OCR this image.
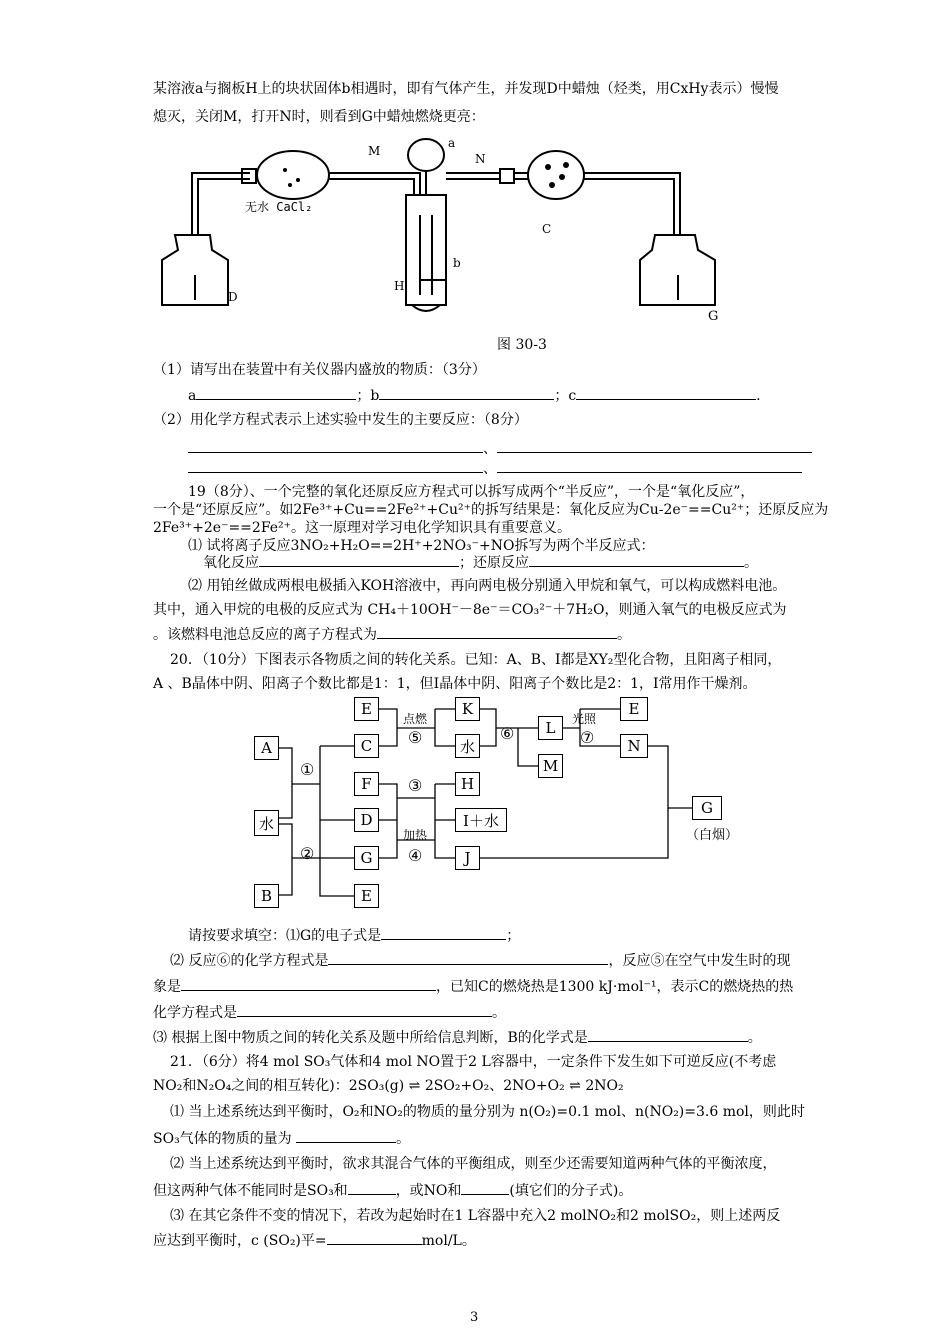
某溶液a与搁板H上的块状固体b相遇时，即有气体产生，并发现D中蜡烛（烃类，用CxHy表示）慢慢
熄灭，关闭M，打开N时，则看到G中蜡烛燃烧更亮：
无水 CaCl₂
M
a
N
b
H
C
D
G
图 30-3
（1）请写出在装置中有关仪器内盛放的物质：（3分）
a	；b	；c	.
（2）用化学方程式表示上述实验中发生的主要反应：（8分）
、
、
19（8分）、一个完整的氧化还原反应方程式可以拆写成两个“半反应”，一个是“氧化反应”，
一个是“还原反应”。如2Fe³⁺+Cu==2Fe²⁺+Cu²⁺的拆写结果是：氧化反应为Cu-2e⁻==Cu²⁺；还原反应为
2Fe³⁺+2e⁻==2Fe²⁺。这一原理对学习电化学知识具有重要意义。
⑴ 试将离子反应3NO₂+H₂O==2H⁺+2NO₃⁻+NO拆写为两个半反应式：
氧化反应	；还原反应	。
⑵ 用铂丝做成两根电极插入KOH溶液中，再向两电极分别通入甲烷和氧气，可以构成燃料电池。
其中，通入甲烷的电极的反应式为 CH₄＋10OH⁻－8e⁻＝CO₃²⁻＋7H₂O，则通入氧气的电极反应式为
。该燃料电池总反应的离子方程式为	。
20．（10分）下图表示各物质之间的转化关系。已知：A、B、I都是XY₂型化合物，且阳离子相同，
A 、B晶体中阴、阳离子个数比都是1：1，但I晶体中阴、阳离子个数比是2：1，I常用作干燥剂。
A
水
B
E
C
F
D
G
E
K
水
H
I＋水
J
L
M
E
N
G
（白烟）
①
②
③
④
⑤	⑥	⑦
点燃
加热
光照
请按要求填空：⑴G的电子式是	；
⑵ 反应⑥的化学方程式是	，反应⑤在空气中发生时的现
象是	，已知C的燃烧热是1300 kJ·mol⁻¹，表示C的燃烧热的热
化学方程式是	。
⑶ 根据上图中物质之间的转化关系及题中所给信息判断，B的化学式是	。
21．（6分）将4 mol SO₃气体和4 mol NO置于2 L容器中，一定条件下发生如下可逆反应(不考虑
NO₂和N₂O₄之间的相互转化)：2SO₃(g) ⇌ 2SO₂+O₂、2NO+O₂ ⇌ 2NO₂
⑴ 当上述系统达到平衡时，O₂和NO₂的物质的量分别为 n(O₂)=0.1 mol、n(NO₂)=3.6 mol，则此时
SO₃气体的物质的量为	。
⑵ 当上述系统达到平衡时，欲求其混合气体的平衡组成，则至少还需要知道两种气体的平衡浓度，
但这两种气体不能同时是SO₃和	，或NO和	(填它们的分子式)。
⑶ 在其它条件不变的情况下，若改为起始时在1 L容器中充入2 molNO₂和2 molSO₂，则上述两反
应达到平衡时，c (SO₂)平=	mol/L。
3
